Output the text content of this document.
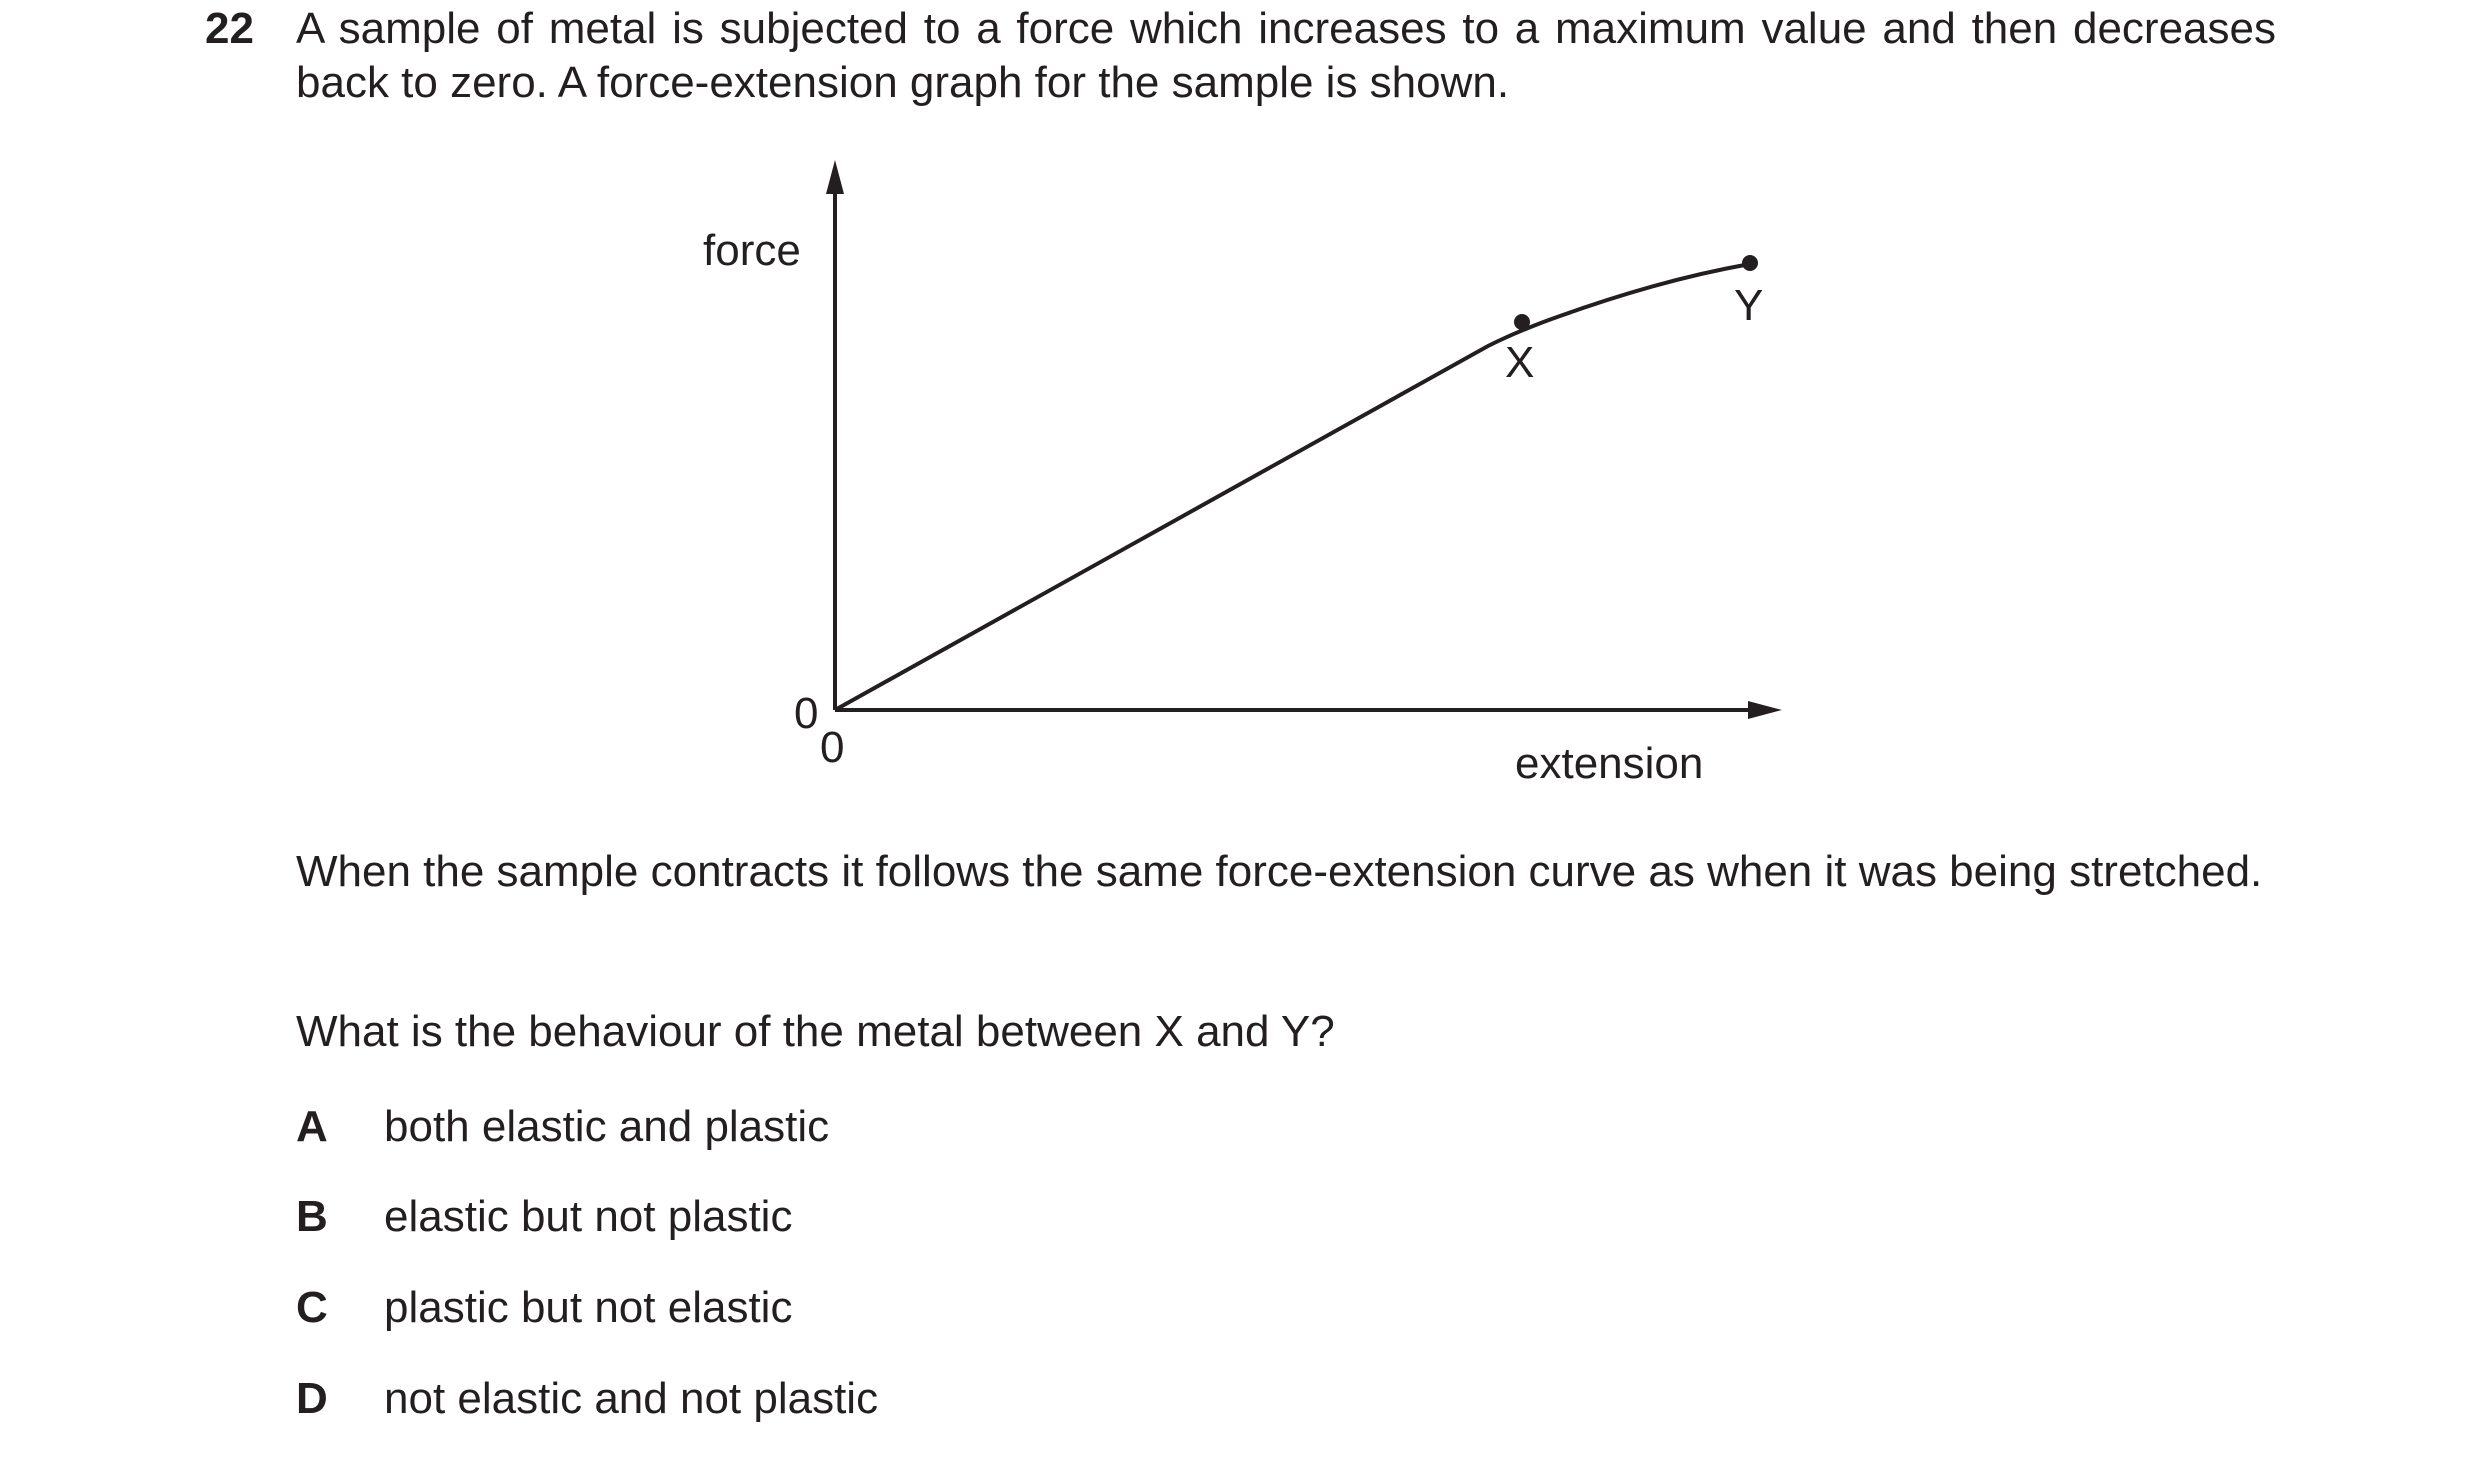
22 A sample of metal is subjected to a force which increases to a maximum value and then decreases back to zero. A force-extension graph for the sample is shown.

force
extension
0
0
X
Y

When the sample contracts it follows the same force-extension curve as when it was being stretched.

What is the behaviour of the metal between X and Y?

A both elastic and plastic
B elastic but not plastic
C plastic but not elastic
D not elastic and not plastic
